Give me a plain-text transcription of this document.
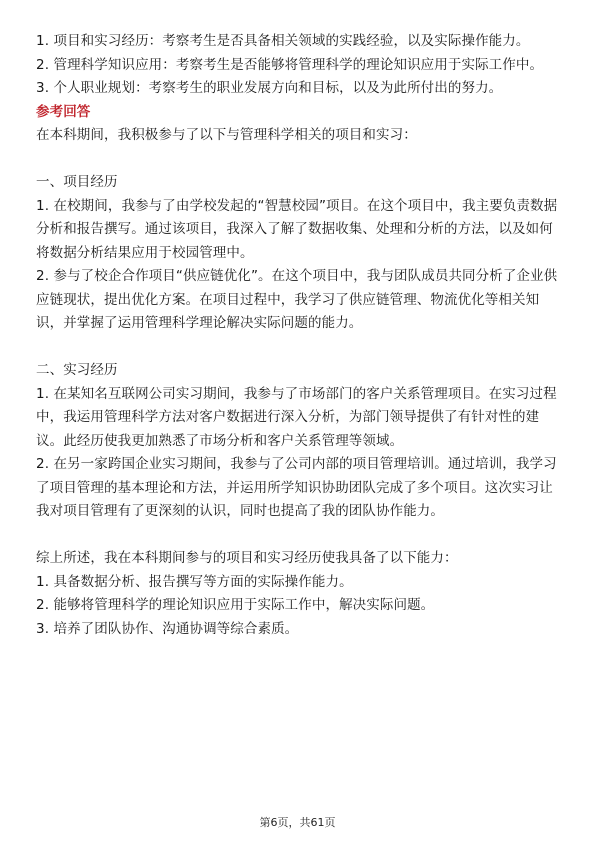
1. 项目和实习经历：考察考生是否具备相关领域的实践经验，以及实际操作能力。

2. 管理科学知识应用：考察考生是否能够将管理科学的理论知识应用于实际工作中。

3. 个人职业规划：考察考生的职业发展方向和目标，以及为此所付出的努力。

参考回答

在本科期间，我积极参与了以下与管理科学相关的项目和实习：

一、项目经历

1. 在校期间，我参与了由学校发起的“智慧校园”项目。在这个项目中，我主要负责数据分析和报告撰写。通过该项目，我深入了解了数据收集、处理和分析的方法，以及如何将数据分析结果应用于校园管理中。

2. 参与了校企合作项目“供应链优化”。在这个项目中，我与团队成员共同分析了企业供应链现状，提出优化方案。在项目过程中，我学习了供应链管理、物流优化等相关知识，并掌握了运用管理科学理论解决实际问题的能力。

二、实习经历

1. 在某知名互联网公司实习期间，我参与了市场部门的客户关系管理项目。在实习过程中，我运用管理科学方法对客户数据进行深入分析，为部门领导提供了有针对性的建议。此经历使我更加熟悉了市场分析和客户关系管理等领域。

2. 在另一家跨国企业实习期间，我参与了公司内部的项目管理培训。通过培训，我学习了项目管理的基本理论和方法，并运用所学知识协助团队完成了多个项目。这次实习让我对项目管理有了更深刻的认识，同时也提高了我的团队协作能力。

综上所述，我在本科期间参与的项目和实习经历使我具备了以下能力：

1. 具备数据分析、报告撰写等方面的实际操作能力。

2. 能够将管理科学的理论知识应用于实际工作中，解决实际问题。

3. 培养了团队协作、沟通协调等综合素质。

第6页，共61页
